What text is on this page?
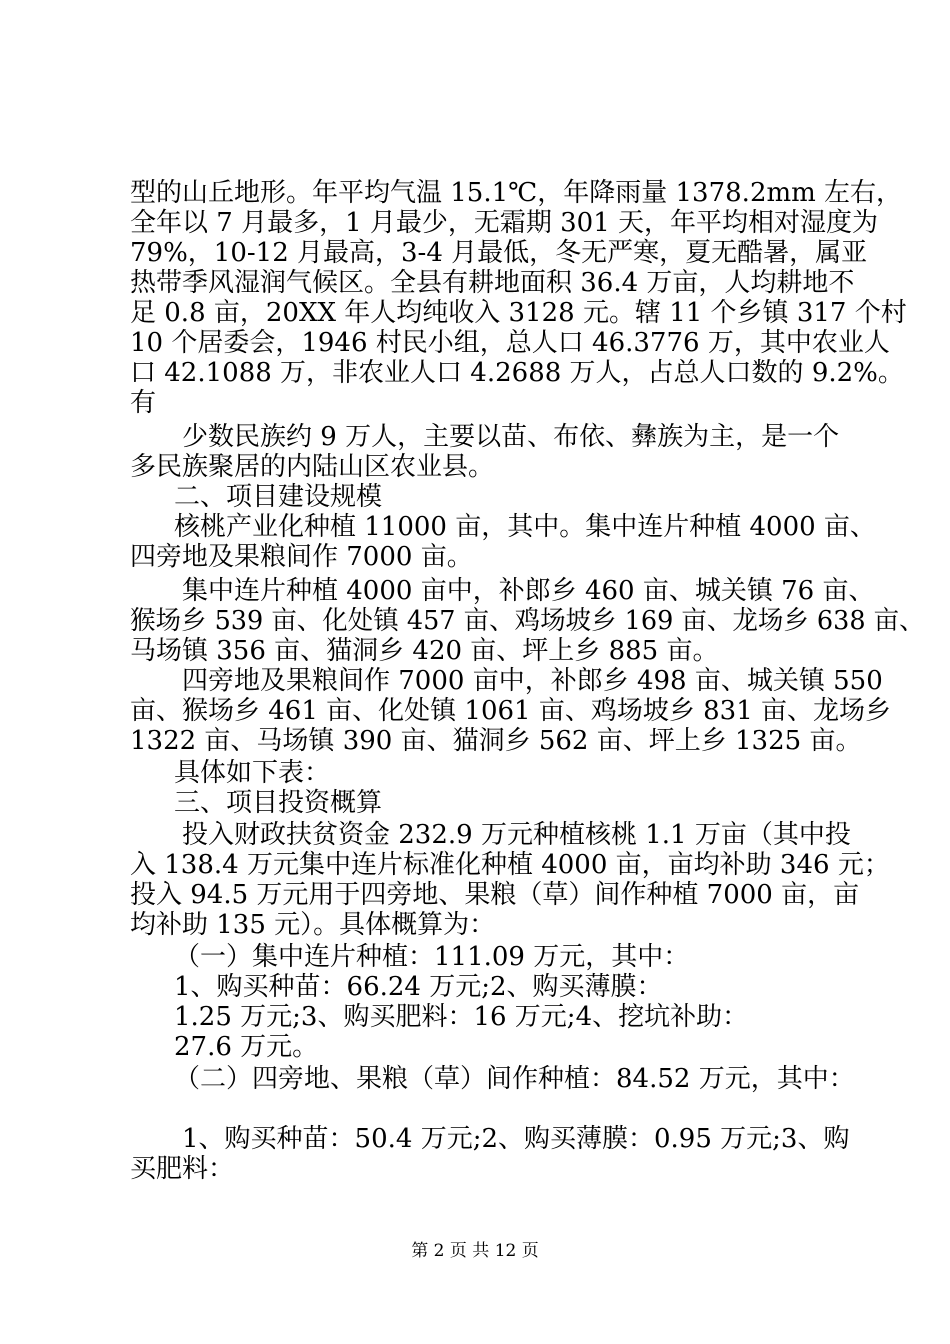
型的山丘地形。年平均气温 15.1℃，年降雨量 1378.2mm 左右，
全年以 7 月最多，1 月最少，无霜期 301 天，年平均相对湿度为
79%，10-12 月最高，3-4 月最低，冬无严寒，夏无酷暑，属亚
热带季风湿润气候区。全县有耕地面积 36.4 万亩，人均耕地不
足 0.8 亩，20XX 年人均纯收入 3128 元。辖 11 个乡镇 317 个村
10 个居委会，1946 村民小组，总人口 46.3776 万，其中农业人
口 42.1088 万，非农业人口 4.2688 万人，占总人口数的 9.2%。
有
少数民族约 9 万人，主要以苗、布依、彝族为主，是一个
多民族聚居的内陆山区农业县。
二、项目建设规模
核桃产业化种植 11000 亩，其中。集中连片种植 4000 亩、
四旁地及果粮间作 7000 亩。
集中连片种植 4000 亩中，补郎乡 460 亩、城关镇 76 亩、
猴场乡 539 亩、化处镇 457 亩、鸡场坡乡 169 亩、龙场乡 638 亩、
马场镇 356 亩、猫洞乡 420 亩、坪上乡 885 亩。
四旁地及果粮间作 7000 亩中，补郎乡 498 亩、城关镇 550
亩、猴场乡 461 亩、化处镇 1061 亩、鸡场坡乡 831 亩、龙场乡
1322 亩、马场镇 390 亩、猫洞乡 562 亩、坪上乡 1325 亩。
具体如下表：
三、项目投资概算
投入财政扶贫资金 232.9 万元种植核桃 1.1 万亩（其中投
入 138.4 万元集中连片标准化种植 4000 亩，亩均补助 346 元；
投入 94.5 万元用于四旁地、果粮（草）间作种植 7000 亩，亩
均补助 135 元）。具体概算为：
（一）集中连片种植：111.09 万元，其中：
1、购买种苗：66.24 万元;2、购买薄膜：
1.25 万元;3、购买肥料：16 万元;4、挖坑补助：
27.6 万元。
（二）四旁地、果粮（草）间作种植：84.52 万元，其中：
1、购买种苗：50.4 万元;2、购买薄膜：0.95 万元;3、购
买肥料：
第 2 页 共 12 页
